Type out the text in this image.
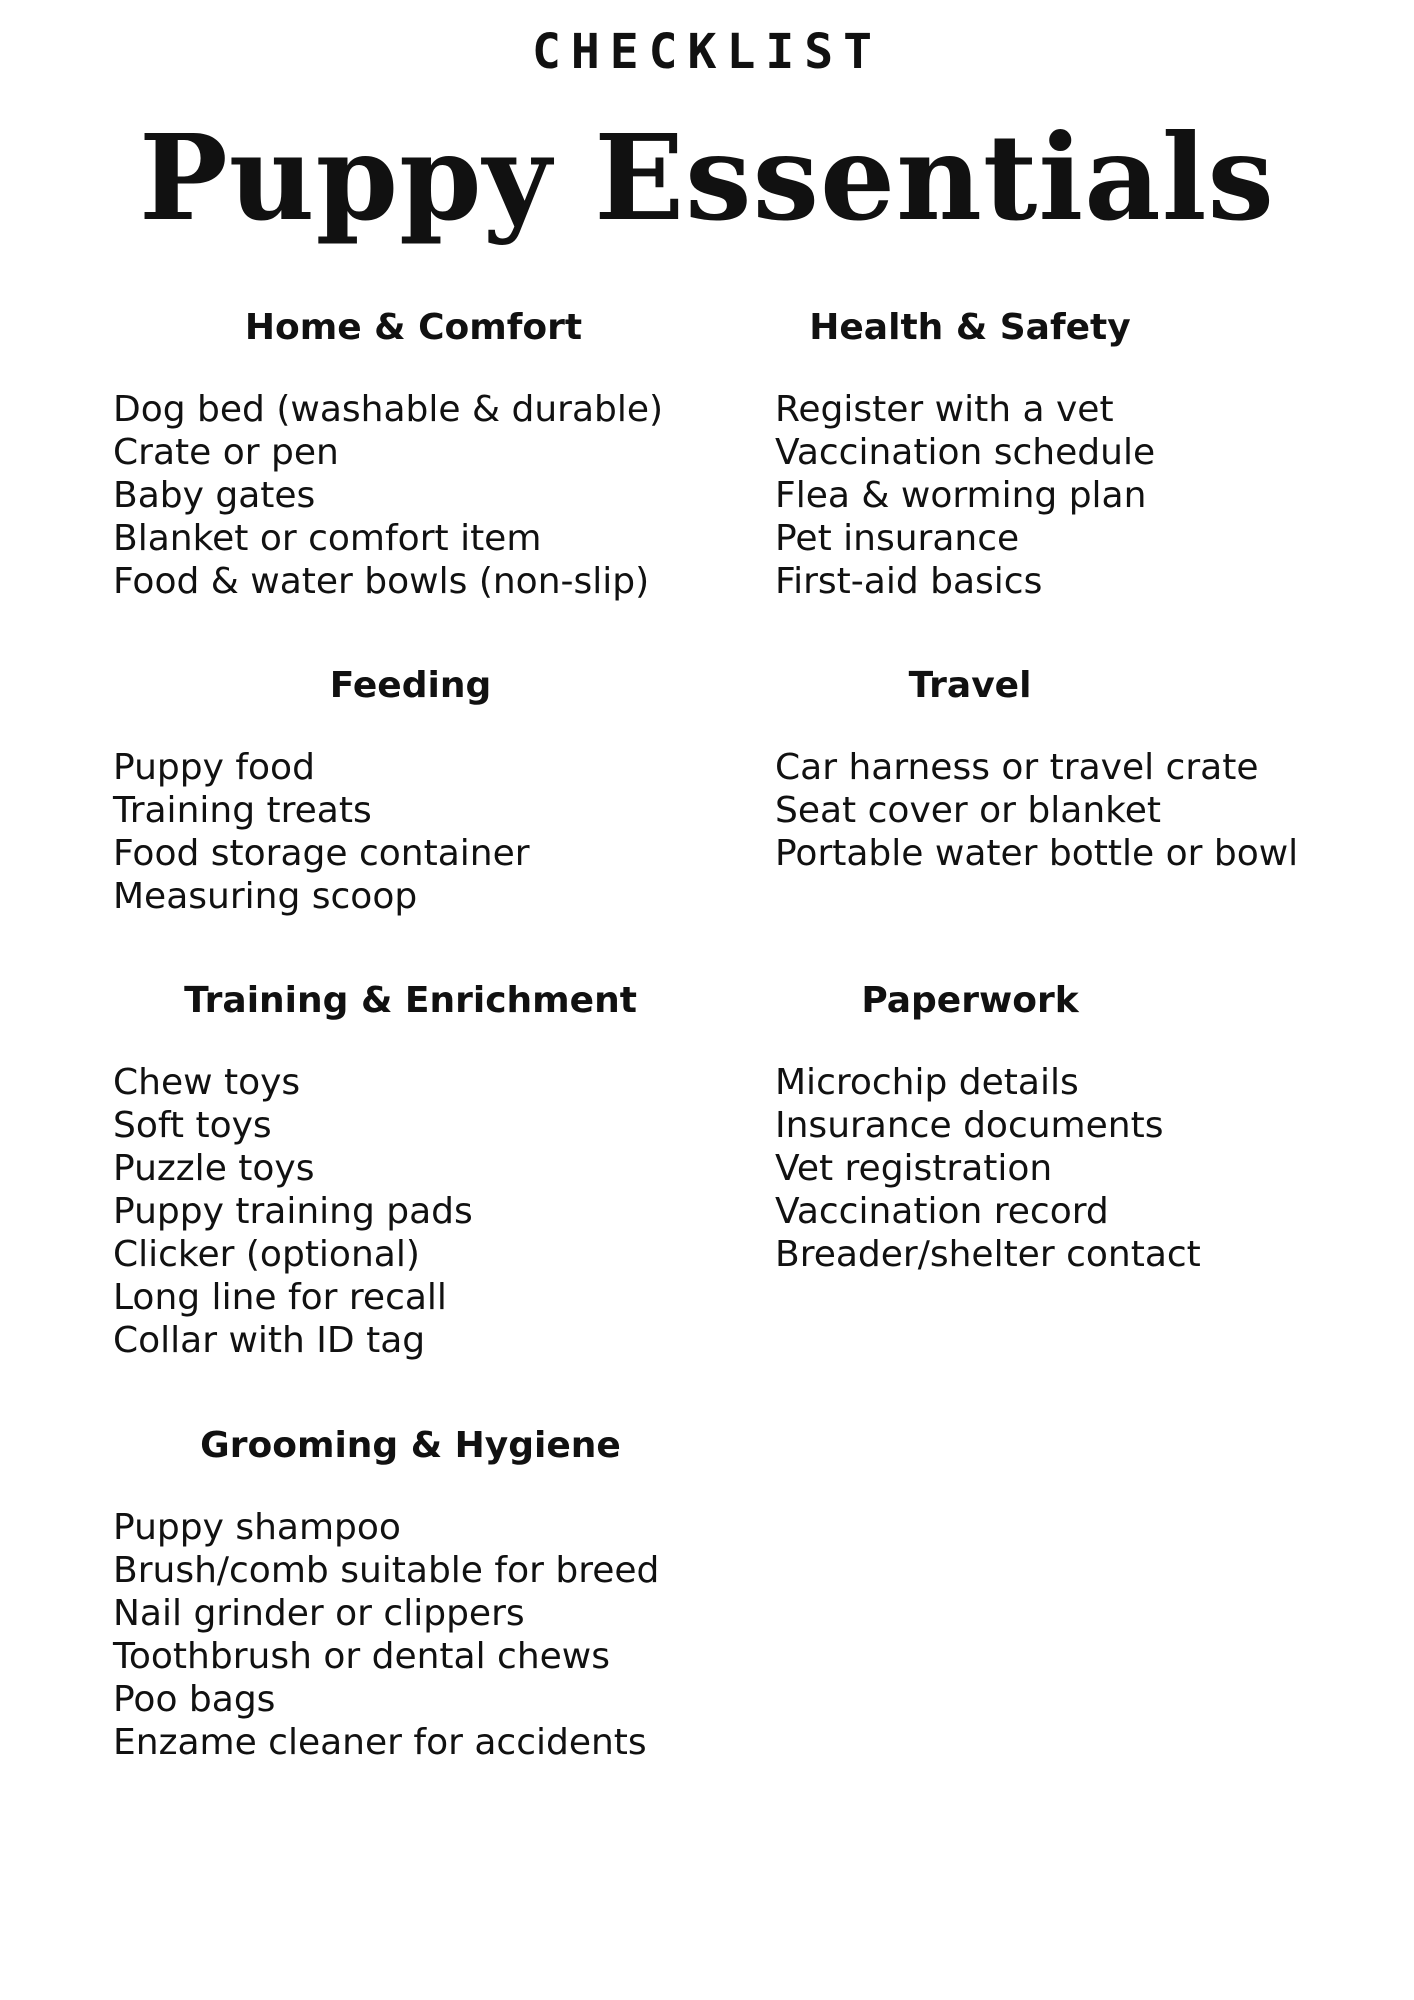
CHECKLIST
Puppy Essentials
Home & Comfort
Dog bed (washable & durable)
Crate or pen
Baby gates
Blanket or comfort item
Food & water bowls (non-slip)
Health & Safety
Register with a vet
Vaccination schedule
Flea & worming plan
Pet insurance
First-aid basics
Feeding
Puppy food
Training treats
Food storage container
Measuring scoop
Travel
Car harness or travel crate
Seat cover or blanket
Portable water bottle or bowl
Training & Enrichment
Chew toys
Soft toys
Puzzle toys
Puppy training pads
Clicker (optional)
Long line for recall
Collar with ID tag
Paperwork
Microchip details
Insurance documents
Vet registration
Vaccination record
Breader/shelter contact
Grooming & Hygiene
Puppy shampoo
Brush/comb suitable for breed
Nail grinder or clippers
Toothbrush or dental chews
Poo bags
Enzame cleaner for accidents
